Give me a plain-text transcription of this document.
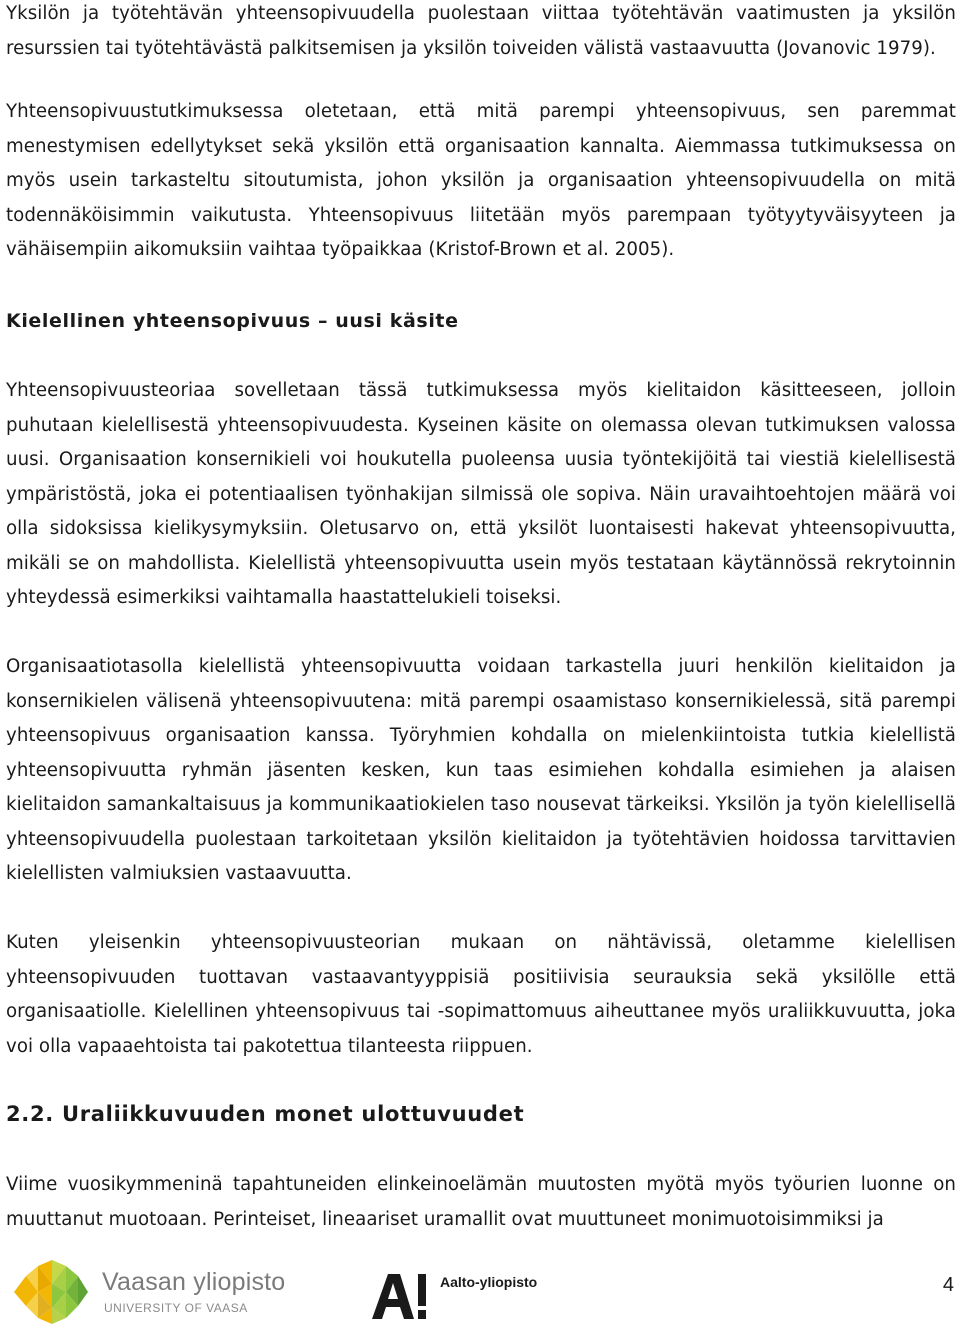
Yksilön ja työtehtävän yhteensopivuudella puolestaan viittaa työtehtävän vaatimusten ja yksilön resurssien tai työtehtävästä palkitsemisen ja yksilön toiveiden välistä vastaavuutta (Jovanovic 1979).

Yhteensopivuustutkimuksessa oletetaan, että mitä parempi yhteensopivuus, sen paremmat menestymisen edellytykset sekä yksilön että organisaation kannalta. Aiemmassa tutkimuksessa on myös usein tarkasteltu sitoutumista, johon yksilön ja organisaation yhteensopivuudella on mitä todennäköisimmin vaikutusta. Yhteensopivuus liitetään myös parempaan työtyytyväisyyteen ja vähäisempiin aikomuksiin vaihtaa työpaikkaa (Kristof-Brown et al. 2005).

Kielellinen yhteensopivuus – uusi käsite

Yhteensopivuusteoriaa sovelletaan tässä tutkimuksessa myös kielitaidon käsitteeseen, jolloin puhutaan kielellisestä yhteensopivuudesta. Kyseinen käsite on olemassa olevan tutkimuksen valossa uusi. Organisaation konsernikieli voi houkutella puoleensa uusia työntekijöitä tai viestiä kielellisestä ympäristöstä, joka ei potentiaalisen työnhakijan silmissä ole sopiva. Näin uravaihtoehtojen määrä voi olla sidoksissa kielikysymyksiin. Oletusarvo on, että yksilöt luontaisesti hakevat yhteensopivuutta, mikäli se on mahdollista. Kielellistä yhteensopivuutta usein myös testataan käytännössä rekrytoinnin yhteydessä esimerkiksi vaihtamalla haastattelukieli toiseksi.

Organisaatiotasolla kielellistä yhteensopivuutta voidaan tarkastella juuri henkilön kielitaidon ja konsernikielen välisenä yhteensopivuutena: mitä parempi osaamistaso konsernikielessä, sitä parempi yhteensopivuus organisaation kanssa. Työryhmien kohdalla on mielenkiintoista tutkia kielellistä yhteensopivuutta ryhmän jäsenten kesken, kun taas esimiehen kohdalla esimiehen ja alaisen kielitaidon samankaltaisuus ja kommunikaatiokielen taso nousevat tärkeiksi. Yksilön ja työn kielellisellä yhteensopivuudella puolestaan tarkoitetaan yksilön kielitaidon ja työtehtävien hoidossa tarvittavien kielellisten valmiuksien vastaavuutta.

Kuten yleisenkin yhteensopivuusteorian mukaan on nähtävissä, oletamme kielellisen yhteensopivuuden tuottavan vastaavantyyppisiä positiivisia seurauksia sekä yksilölle että organisaatiolle. Kielellinen yhteensopivuus tai -sopimattomuus aiheuttanee myös uraliikkuvuutta, joka voi olla vapaaehtoista tai pakotettua tilanteesta riippuen.

2.2. Uraliikkuvuuden monet ulottuvuudet

Viime vuosikymmeninä tapahtuneiden elinkeinoelämän muutosten myötä myös työurien luonne on muuttanut muotoaan. Perinteiset, lineaariset uramallit ovat muuttuneet monimuotoisimmiksi ja

Vaasan yliopisto
UNIVERSITY OF VAASA
Aalto-yliopisto	4
